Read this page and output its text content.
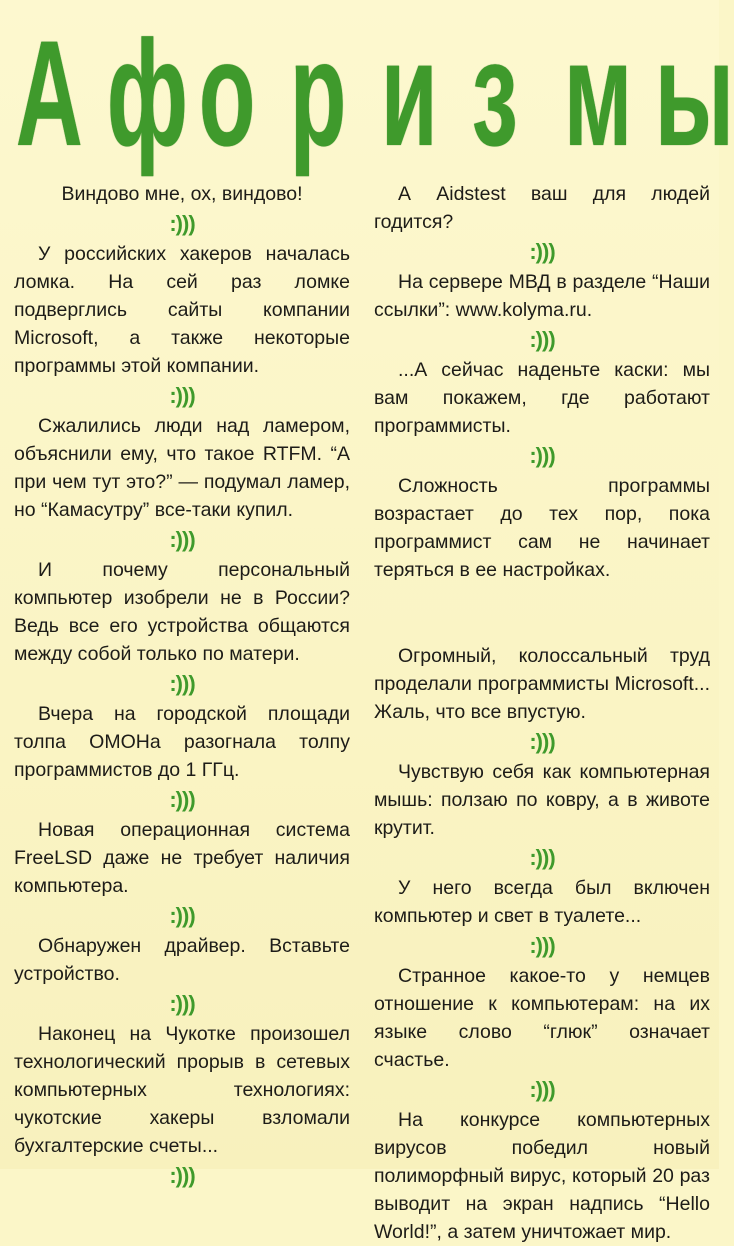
А ф о р и з м ы

Виндово мне, ох, виндово!

:)))

У российских хакеров началась ломка. На сей раз ломке подверглись сайты компании Microsoft, а также некоторые программы этой компании.

:)))

Сжалились люди над ламером, объяснили ему, что такое RTFM. “А при чем тут это?” — подумал ламер, но “Камасутру” все-таки купил.

:)))

И почему персональный компьютер изобрели не в России? Ведь все его устройства общаются между собой только по матери.

:)))

Вчера на городской площади толпа ОМОНа разогнала толпу программистов до 1 ГГц.

:)))

Новая операционная система FreeLSD даже не требует наличия компьютера.

:)))

Обнаружен драйвер. Вставьте устройство.

:)))

Наконец на Чукотке произошел технологический прорыв в сетевых компьютерных технологиях: чукотские хакеры взломали бухгалтерские счеты...

:)))

А Aidstest ваш для людей годится?

:)))

На сервере МВД в разделе “Наши ссылки”: www.kolyma.ru.

:)))

...А сейчас наденьте каски: мы вам покажем, где работают программисты.

:)))

Сложность программы возрастает до тех пор, пока программист сам не начинает теряться в ее настройках.

Огромный, колоссальный труд проделали программисты Microsoft... Жаль, что все впустую.

:)))

Чувствую себя как компьютерная мышь: ползаю по ковру, а в животе крутит.

:)))

У него всегда был включен компьютер и свет в туалете...

:)))

Странное какое-то у немцев отношение к компьютерам: на их языке слово “глюк” означает счастье.

:)))

На конкурсе компьютерных вирусов победил новый полиморфный вирус, который 20 раз выводит на экран надпись “Hello World!”, а затем уничтожает мир.
